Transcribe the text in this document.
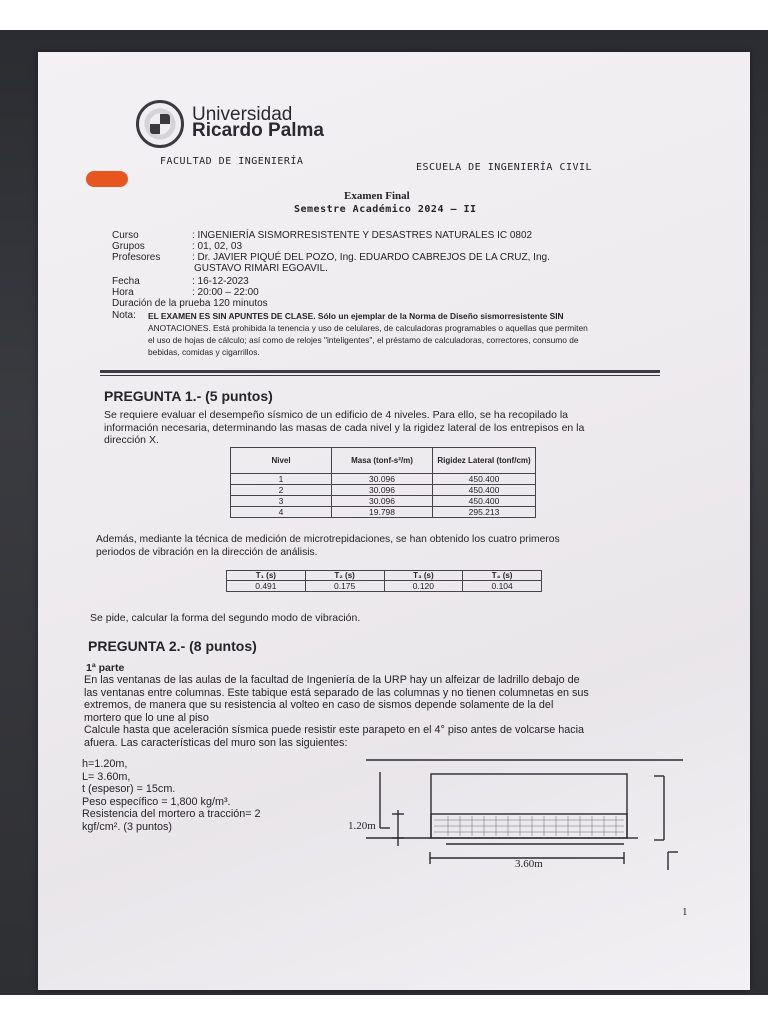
Universidad
Ricardo Palma
FACULTAD DE INGENIERÍA
ESCUELA DE INGENIERÍA CIVIL
Examen Final
Semestre Académico 2024 – II
Curso	: INGENIERÍA SISMORRESISTENTE Y DESASTRES NATURALES IC 0802
Grupos	: 01, 02, 03
Profesores	: Dr. JAVIER PIQUÉ DEL POZO, Ing. EDUARDO CABREJOS DE LA CRUZ, Ing.
GUSTAVO RIMARI EGOAVIL.
Fecha	: 16-12-2023
Hora	: 20:00 – 22:00
Duración de la prueba 120 minutos
Nota: EL EXAMEN ES SIN APUNTES DE CLASE. Sólo un ejemplar de la Norma de Diseño sismorresistente SIN
ANOTACIONES. Está prohibida la tenencia y uso de celulares, de calculadoras programables o aquellas que permiten
el uso de hojas de cálculo; así como de relojes "inteligentes", el préstamo de calculadoras, correctores, consumo de
bebidas, comidas y cigarrillos.
PREGUNTA 1.- (5 puntos)
Se requiere evaluar el desempeño sísmico de un edificio de 4 niveles. Para ello, se ha recopilado la
información necesaria, determinando las masas de cada nivel y la rigidez lateral de los entrepisos en la
dirección X.
Nivel	Masa (tonf-s²/m)	Rigidez Lateral (tonf/cm)
1	30.096	450.400
2	30.096	450.400
3	30.096	450.400
4	19.798	295.213
Además, mediante la técnica de medición de microtrepidaciones, se han obtenido los cuatro primeros
periodos de vibración en la dirección de análisis.
T₁ (s)	T₂ (s)	T₃ (s)	T₄ (s)
0.491	0.175	0.120	0.104
Se pide, calcular la forma del segundo modo de vibración.
PREGUNTA 2.- (8 puntos)
1ª parte
En las ventanas de las aulas de la facultad de Ingeniería de la URP hay un alfeizar de ladrillo debajo de
las ventanas entre columnas. Este tabique está separado de las columnas y no tienen columnetas en sus
extremos, de manera que su resistencia al volteo en caso de sismos depende solamente de la del
mortero que lo une al piso
Calcule hasta que aceleración sísmica puede resistir este parapeto en el 4° piso antes de volcarse hacia
afuera. Las características del muro son las siguientes:
h=1.20m,
L= 3.60m,
t (espesor) = 15cm.
Peso específico = 1,800 kg/m³.
Resistencia del mortero a tracción= 2
kgf/cm². (3 puntos)	1.20m
3.60m
1
